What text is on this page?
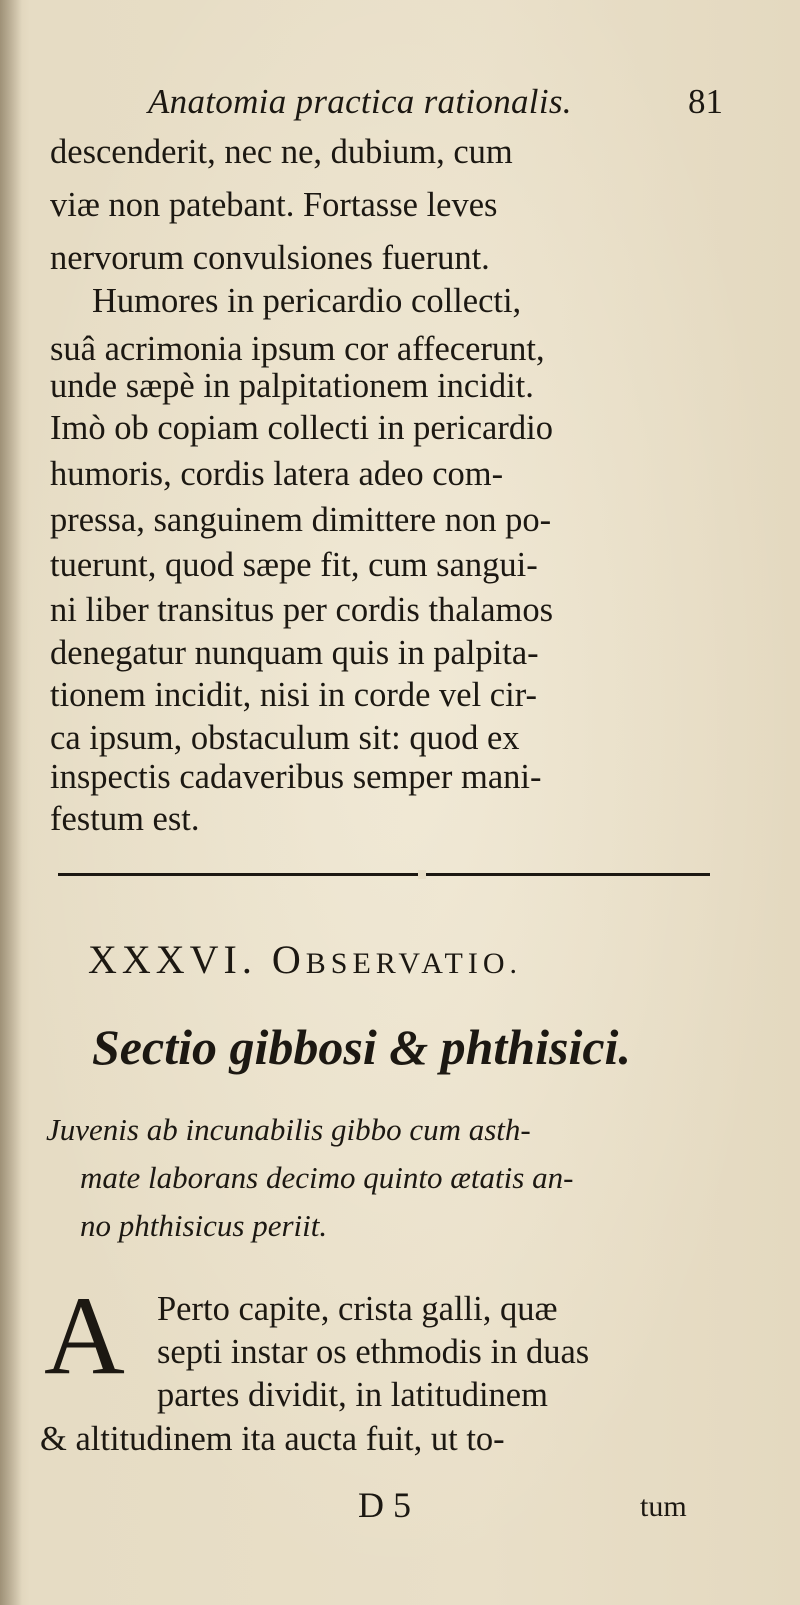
Anatomia practica rationalis.	81
descenderit, nec ne, dubium, cum
viæ non patebant. Fortasse leves
nervorum convulsiones fuerunt.
Humores in pericardio collecti,
suâ acrimonia ipsum cor affecerunt,
unde sæpè in palpitationem incidit.
Imò ob copiam collecti in pericardio
humoris, cordis latera adeo com-
pressa, sanguinem dimittere non po-
tuerunt, quod sæpe fit, cum sangui-
ni liber transitus per cordis thalamos
denegatur nunquam quis in palpita-
tionem incidit, nisi in corde vel cir-
ca ipsum, obstaculum sit: quod ex
inspectis cadaveribus semper mani-
festum est.
XXXVI. OBSERVATIO.
Sectio gibbosi & phthisici.
Juvenis ab incunabilis gibbo cum asth-
mate laborans decimo quinto ætatis an-
no phthisicus periit.
A Perto capite, crista galli, quæ
septi instar os ethmodis in duas
partes dividit, in latitudinem
& altitudinem ita aucta fuit, ut to-
D 5	tum
